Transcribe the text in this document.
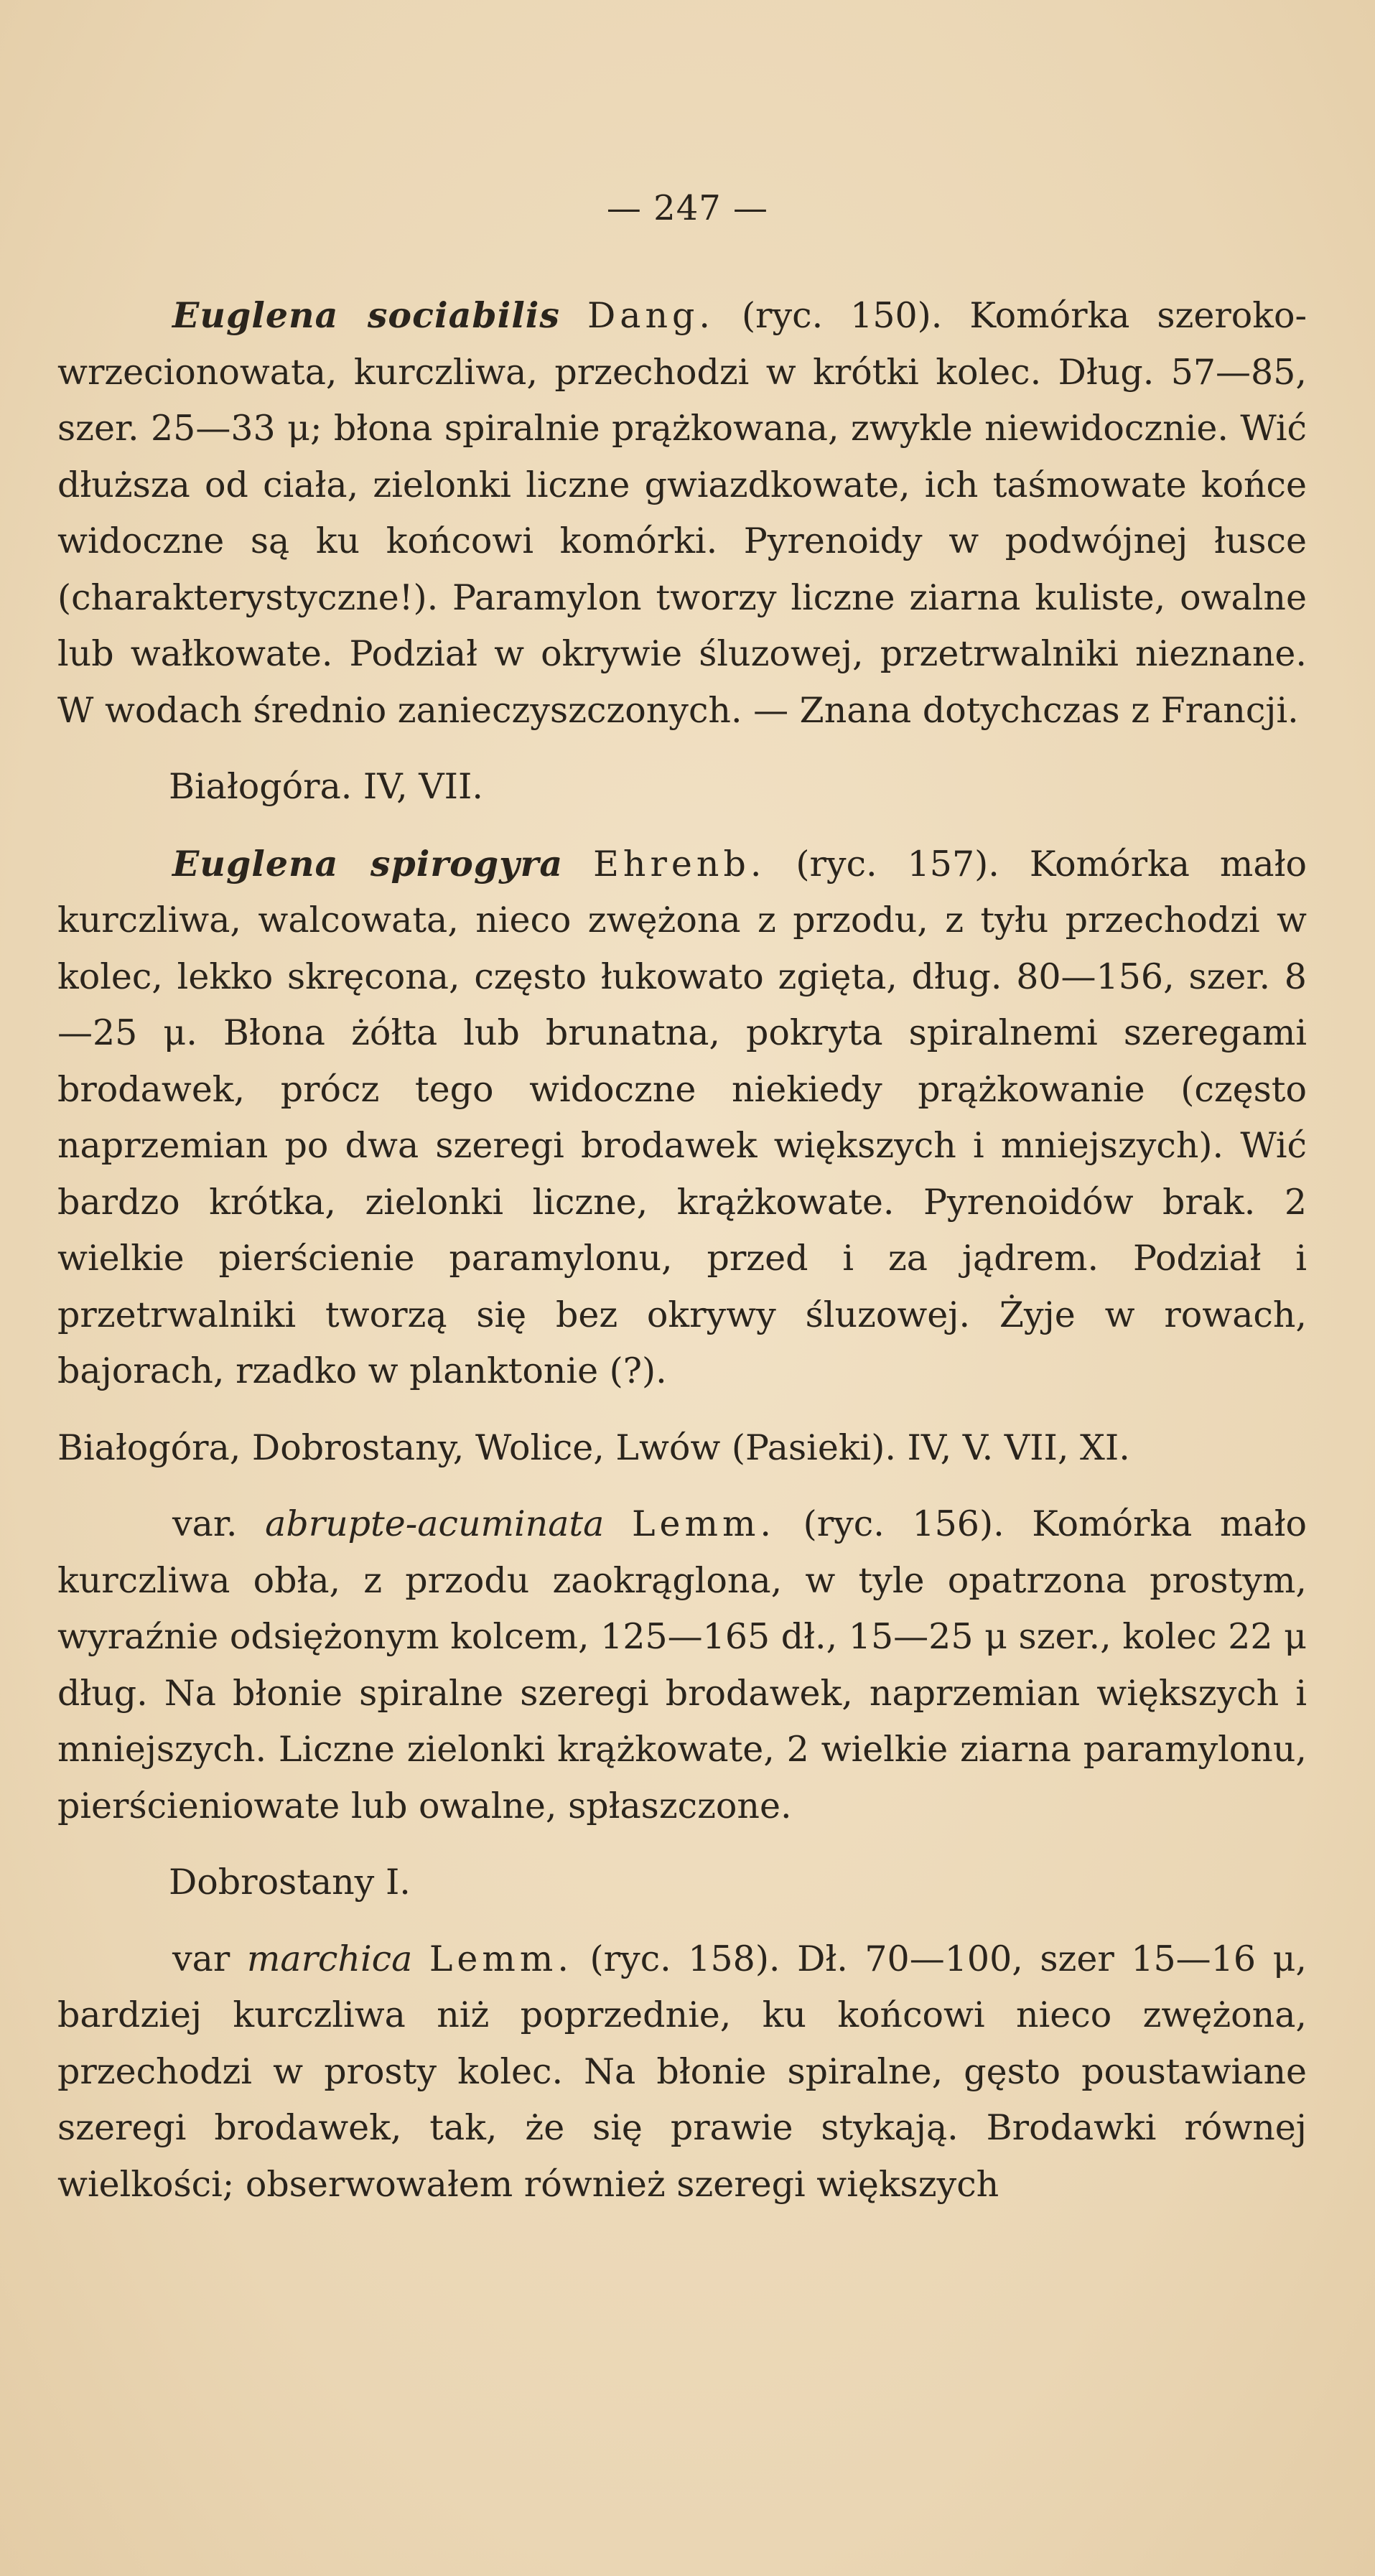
— 247 —

Euglena sociabilis Dang. (ryc. 150). Komórka szeroko-wrzecionowata, kurczliwa, przechodzi w krótki kolec. Dług. 57—85, szer. 25—33 μ; błona spiralnie prążkowana, zwykle niewidocznie. Wić dłuższa od ciała, zielonki liczne gwiazdkowate, ich taśmowate końce widoczne są ku końcowi komórki. Pyrenoidy w podwójnej łusce (charakterystyczne!). Paramylon tworzy liczne ziarna kuliste, owalne lub wałkowate. Podział w okrywie śluzowej, przetrwalniki nieznane. W wodach średnio zanieczyszczonych. — Znana dotychczas z Francji.

Białogóra. IV, VII.

Euglena spirogyra Ehrenb. (ryc. 157). Komórka mało kurczliwa, walcowata, nieco zwężona z przodu, z tyłu przechodzi w kolec, lekko skręcona, często łukowato zgięta, dług. 80—156, szer. 8—25 μ. Błona żółta lub brunatna, pokryta spiralnemi szeregami brodawek, prócz tego widoczne niekiedy prążkowanie (często naprzemian po dwa szeregi brodawek większych i mniejszych). Wić bardzo krótka, zielonki liczne, krążkowate. Pyrenoidów brak. 2 wielkie pierścienie paramylonu, przed i za jądrem. Podział i przetrwalniki tworzą się bez okrywy śluzowej. Żyje w rowach, bajorach, rzadko w planktonie (?).

Białogóra, Dobrostany, Wolice, Lwów (Pasieki). IV, V. VII, XI.

var. abrupte-acuminata Lemm. (ryc. 156). Komórka mało kurczliwa obła, z przodu zaokrąglona, w tyle opatrzona prostym, wyraźnie odsiężonym kolcem, 125—165 dł., 15—25 μ szer., kolec 22 μ dług. Na błonie spiralne szeregi brodawek, naprzemian większych i mniejszych. Liczne zielonki krążkowate, 2 wielkie ziarna paramylonu, pierścieniowate lub owalne, spłaszczone.

Dobrostany I.

var marchica Lemm. (ryc. 158). Dł. 70—100, szer 15—16 μ, bardziej kurczliwa niż poprzednie, ku końcowi nieco zwężona, przechodzi w prosty kolec. Na błonie spiralne, gęsto poustawiane szeregi brodawek, tak, że się prawie stykają. Brodawki równej wielkości; obserwowałem również szeregi większych
